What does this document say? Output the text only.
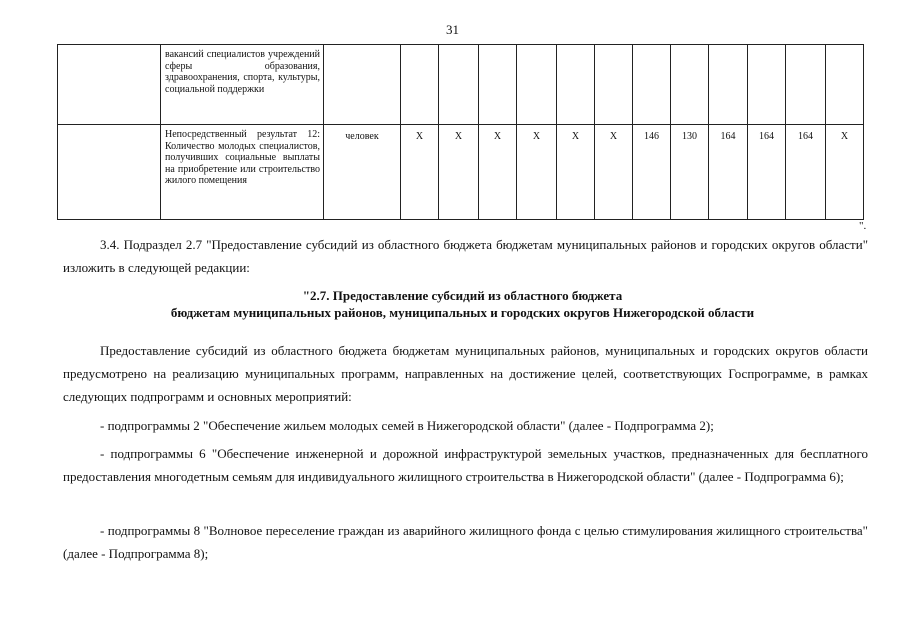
31
	вакансий специалистов учреждений сферы образования, здравоохранения, спорта, культуры, социальной поддержки													
	Непосредственный результат 12: Количество молодых специалистов, получивших социальные выплаты на приобретение или строительство жилого помещения	человек	X	X	X	X	X	X	146	130	164	164	164	X
".
3.4. Подраздел 2.7 "Предоставление субсидий из областного бюджета бюджетам муниципальных районов и городских округов области" изложить в следующей редакции:
"2.7. Предоставление субсидий из областного бюджета
бюджетам муниципальных районов, муниципальных и городских округов Нижегородской области
Предоставление субсидий из областного бюджета бюджетам муниципальных районов, муниципальных и городских округов области предусмотрено на реализацию муниципальных программ, направленных на достижение целей, соответствующих Госпрограмме, в рамках следующих подпрограмм и основных мероприятий:
- подпрограммы 2 "Обеспечение жильем молодых семей в Нижегородской области" (далее - Подпрограмма 2);
- подпрограммы 6 "Обеспечение инженерной и дорожной инфраструктурой земельных участков, предназначенных для бесплатного предоставления многодетным семьям для индивидуального жилищного строительства в Нижегородской области" (далее - Подпрограмма 6);
- подпрограммы 8 "Волновое переселение граждан из аварийного жилищного фонда с целью стимулирования жилищного строительства" (далее - Подпрограмма 8);
